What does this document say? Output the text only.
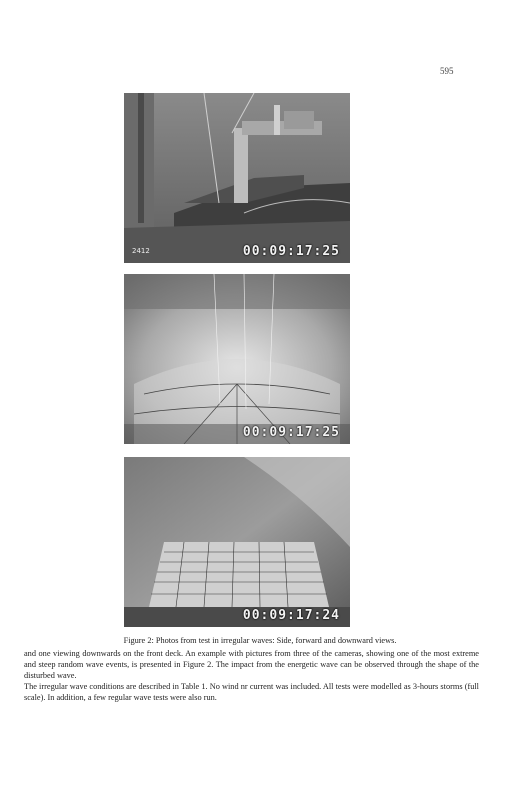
595
2412	00:09:17:25
00:09:17:25
00:09:17:24
Figure 2: Photos from test in irregular waves: Side, forward and downward views.

and one viewing downwards on the front deck. An example with pictures from three of the cameras, showing one of the most extreme and steep random wave events, is presented in Figure 2. The impact from the energetic wave can be observed through the shape of the disturbed wave.

The irregular wave conditions are described in Table 1. No wind nr current was included. All tests were modelled as 3-hours storms (full scale). In addition, a few regular wave tests were also run.
